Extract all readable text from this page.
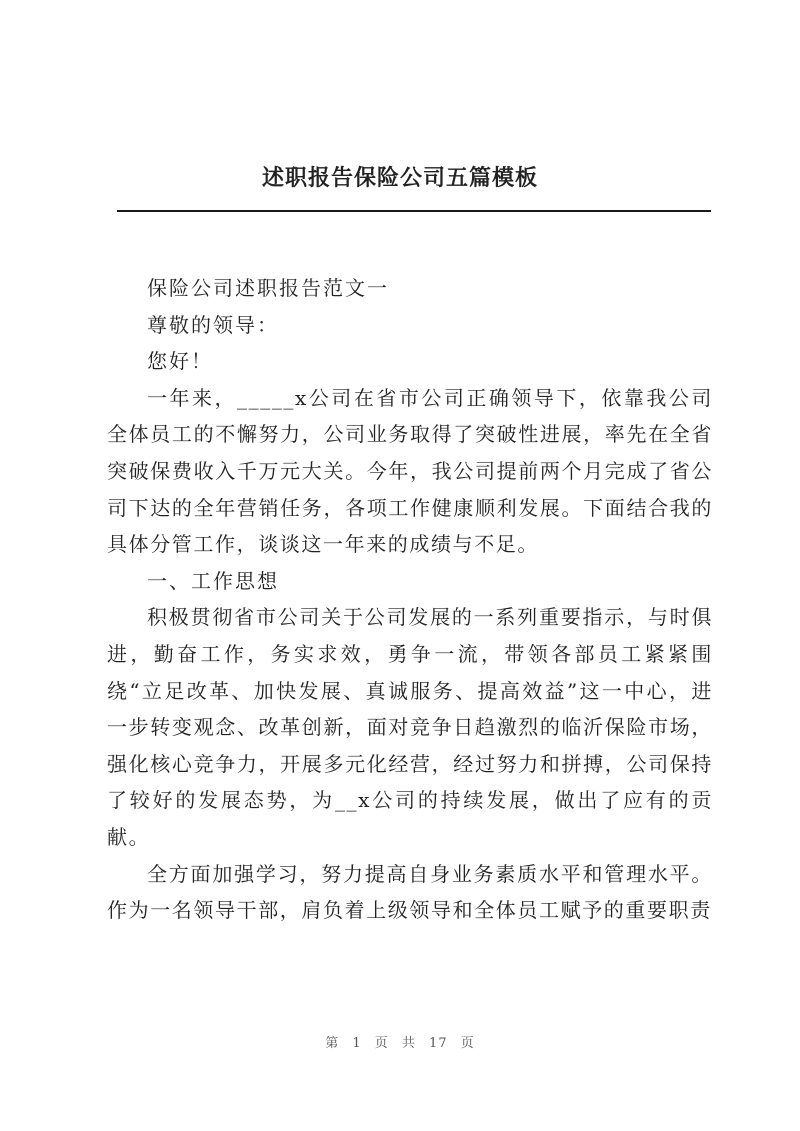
述职报告保险公司五篇模板

保险公司述职报告范文一

尊敬的领导：

您好！

一年来，_____x公司在省市公司正确领导下，依靠我公司全体员工的不懈努力，公司业务取得了突破性进展，率先在全省突破保费收入千万元大关。今年，我公司提前两个月完成了省公司下达的全年营销任务，各项工作健康顺利发展。下面结合我的具体分管工作，谈谈这一年来的成绩与不足。

一、工作思想

积极贯彻省市公司关于公司发展的一系列重要指示，与时俱进，勤奋工作，务实求效，勇争一流，带领各部员工紧紧围绕“立足改革、加快发展、真诚服务、提高效益”这一中心，进一步转变观念、改革创新，面对竞争日趋激烈的临沂保险市场，强化核心竞争力，开展多元化经营，经过努力和拼搏，公司保持了较好的发展态势，为__x公司的持续发展，做出了应有的贡献。

全方面加强学习，努力提高自身业务素质水平和管理水平。作为一名领导干部，肩负着上级领导和全体员工赋予的重要职责

第 1 页 共 17 页
